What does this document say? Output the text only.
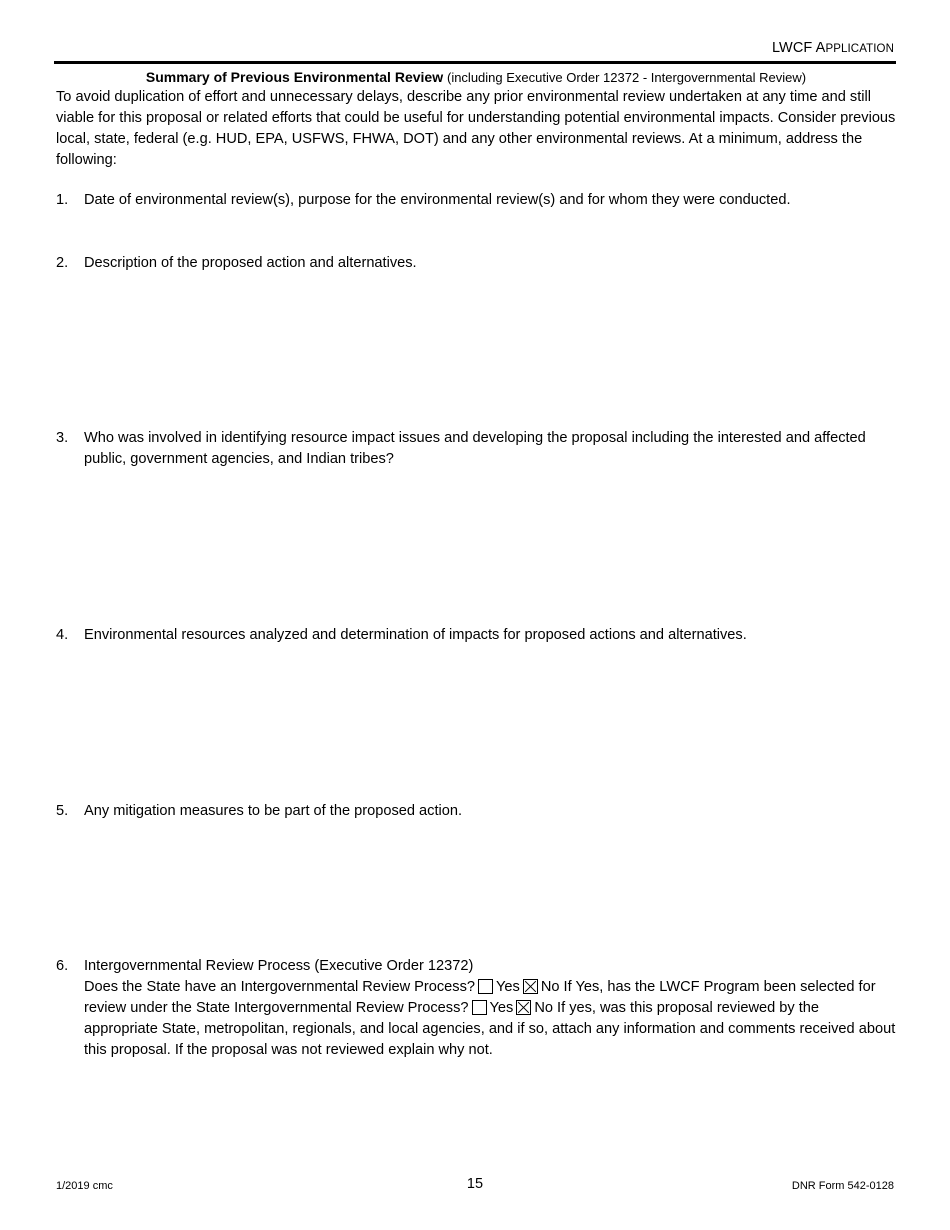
LWCF APPLICATION
Summary of Previous Environmental Review (including Executive Order 12372 - Intergovernmental Review)
To avoid duplication of effort and unnecessary delays, describe any prior environmental review undertaken at any time and still viable for this proposal or related efforts that could be useful for understanding potential environmental impacts. Consider previous local, state, federal (e.g. HUD, EPA, USFWS, FHWA, DOT) and any other environmental reviews. At a minimum, address the following:
1. Date of environmental review(s), purpose for the environmental review(s) and for whom they were conducted.
2. Description of the proposed action and alternatives.
3. Who was involved in identifying resource impact issues and developing the proposal including the interested and affected public, government agencies, and Indian tribes?
4. Environmental resources analyzed and determination of impacts for proposed actions and alternatives.
5. Any mitigation measures to be part of the proposed action.
6. Intergovernmental Review Process (Executive Order 12372)
Does the State have an Intergovernmental Review Process? Yes No If Yes, has the LWCF Program been selected for review under the State Intergovernmental Review Process? Yes No If yes, was this proposal reviewed by the appropriate State, metropolitan, regionals, and local agencies, and if so, attach any information and comments received about this proposal. If the proposal was not reviewed explain why not.
1/2019 cmc	15	DNR Form 542-0128
